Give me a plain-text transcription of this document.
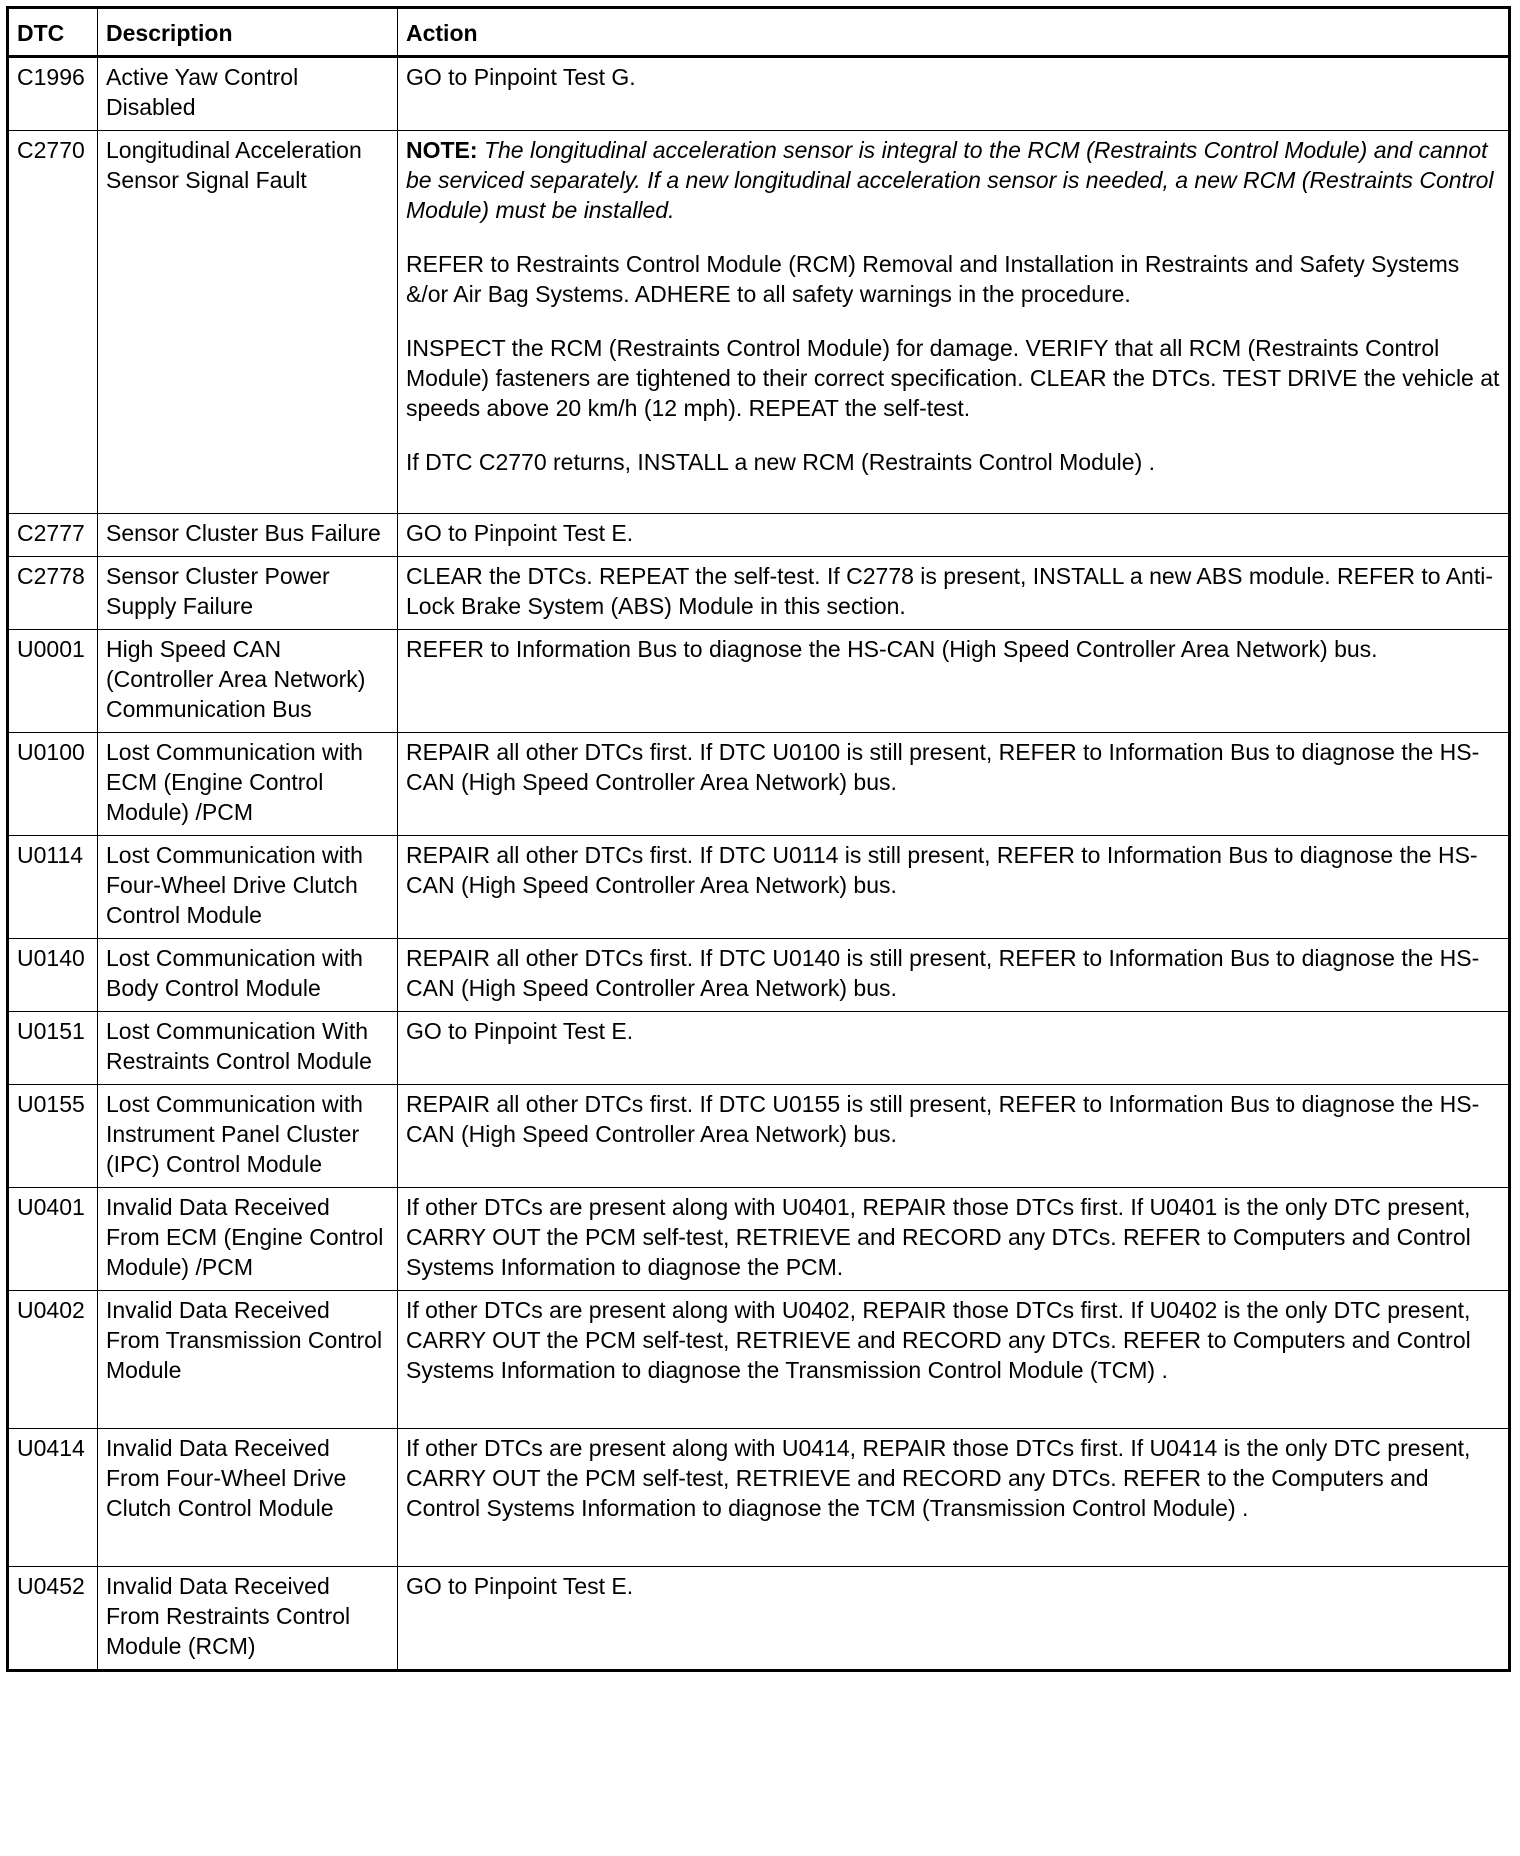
DTC	Description	Action
C1996	Active Yaw Control Disabled	GO to Pinpoint Test G.

C2770	Longitudinal Acceleration Sensor Signal Fault	NOTE: The longitudinal acceleration sensor is integral to the RCM (Restraints Control Module) and cannot be serviced separately. If a new longitudinal acceleration sensor is needed, a new RCM (Restraints Control Module) must be installed.

REFER to Restraints Control Module (RCM) Removal and Installation in Restraints and Safety Systems &/or Air Bag Systems. ADHERE to all safety warnings in the procedure.

INSPECT the RCM (Restraints Control Module) for damage. VERIFY that all RCM (Restraints Control Module) fasteners are tightened to their correct specification. CLEAR the DTCs. TEST DRIVE the vehicle at speeds above 20 km/h (12 mph). REPEAT the self-test.

If DTC C2770 returns, INSTALL a new RCM (Restraints Control Module) .

C2777	Sensor Cluster Bus Failure	GO to Pinpoint Test E.

C2778	Sensor Cluster Power Supply Failure	CLEAR the DTCs. REPEAT the self-test. If C2778 is present, INSTALL a new ABS module. REFER to Anti-Lock Brake System (ABS) Module in this section.

U0001	High Speed CAN (Controller Area Network) Communication Bus	REFER to Information Bus to diagnose the HS-CAN (High Speed Controller Area Network) bus.

U0100	Lost Communication with ECM (Engine Control Module) /PCM	REPAIR all other DTCs first. If DTC U0100 is still present, REFER to Information Bus to diagnose the HS-CAN (High Speed Controller Area Network) bus.

U0114	Lost Communication with Four-Wheel Drive Clutch Control Module	REPAIR all other DTCs first. If DTC U0114 is still present, REFER to Information Bus to diagnose the HS-CAN (High Speed Controller Area Network) bus.

U0140	Lost Communication with Body Control Module	REPAIR all other DTCs first. If DTC U0140 is still present, REFER to Information Bus to diagnose the HS-CAN (High Speed Controller Area Network) bus.

U0151	Lost Communication With Restraints Control Module	GO to Pinpoint Test E.

U0155	Lost Communication with Instrument Panel Cluster (IPC) Control Module	REPAIR all other DTCs first. If DTC U0155 is still present, REFER to Information Bus to diagnose the HS-CAN (High Speed Controller Area Network) bus.

U0401	Invalid Data Received From ECM (Engine Control Module) /PCM	If other DTCs are present along with U0401, REPAIR those DTCs first. If U0401 is the only DTC present, CARRY OUT the PCM self-test, RETRIEVE and RECORD any DTCs. REFER to Computers and Control Systems Information to diagnose the PCM.

U0402	Invalid Data Received From Transmission Control Module	If other DTCs are present along with U0402, REPAIR those DTCs first. If U0402 is the only DTC present, CARRY OUT the PCM self-test, RETRIEVE and RECORD any DTCs. REFER to Computers and Control Systems Information to diagnose the Transmission Control Module (TCM) .

U0414	Invalid Data Received From Four-Wheel Drive Clutch Control Module	If other DTCs are present along with U0414, REPAIR those DTCs first. If U0414 is the only DTC present, CARRY OUT the PCM self-test, RETRIEVE and RECORD any DTCs. REFER to the Computers and Control Systems Information to diagnose the TCM (Transmission Control Module) .

U0452	Invalid Data Received From Restraints Control Module (RCM)	GO to Pinpoint Test E.
